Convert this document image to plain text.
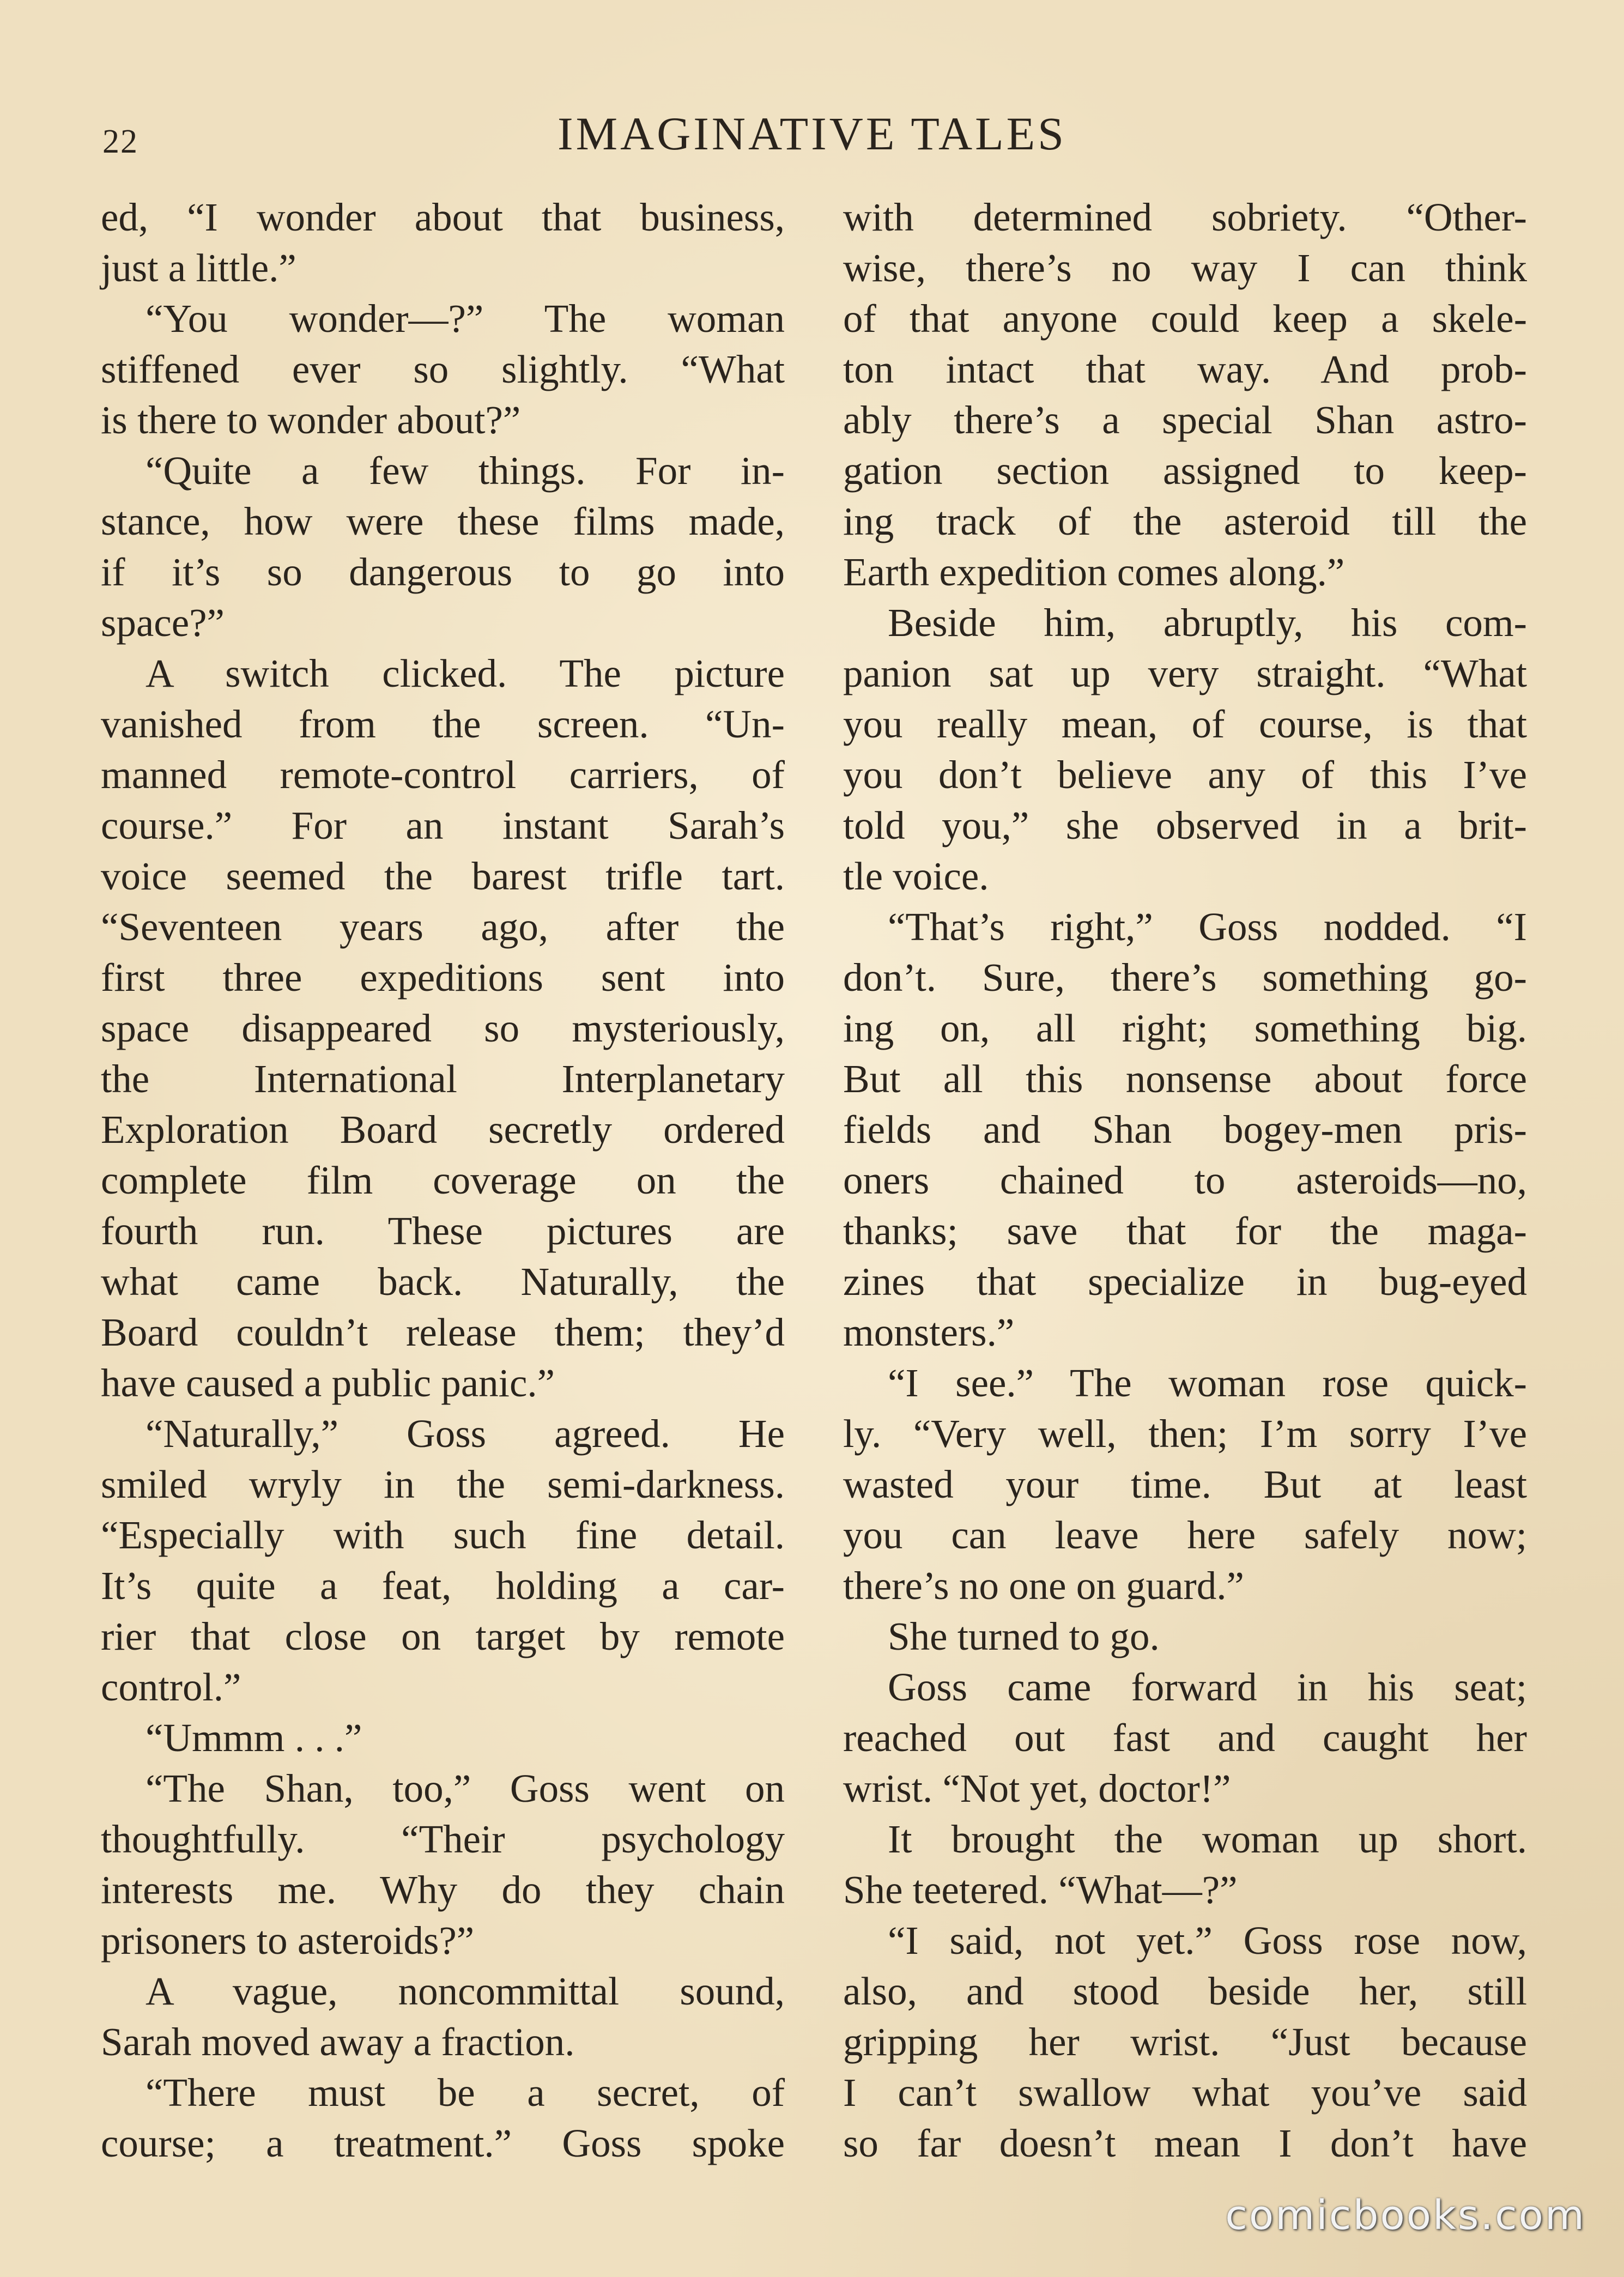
22	IMAGINATIVE TALES
ed, “I wonder about that business,
just a little.”
“You wonder—?” The woman
stiffened ever so slightly. “What
is there to wonder about?”
“Quite a few things. For in-
stance, how were these films made,
if it’s so dangerous to go into
space?”
A switch clicked. The picture
vanished from the screen. “Un-
manned remote-control carriers, of
course.” For an instant Sarah’s
voice seemed the barest trifle tart.
“Seventeen years ago, after the
first three expeditions sent into
space disappeared so mysteriously,
the International Interplanetary
Exploration Board secretly ordered
complete film coverage on the
fourth run. These pictures are
what came back. Naturally, the
Board couldn’t release them; they’d
have caused a public panic.”
“Naturally,” Goss agreed. He
smiled wryly in the semi-darkness.
“Especially with such fine detail.
It’s quite a feat, holding a car-
rier that close on target by remote
control.”
“Ummm . . .”
“The Shan, too,” Goss went on
thoughtfully. “Their psychology
interests me. Why do they chain
prisoners to asteroids?”
A vague, noncommittal sound,
Sarah moved away a fraction.
“There must be a secret, of
course; a treatment.” Goss spoke
with determined sobriety. “Other-
wise, there’s no way I can think
of that anyone could keep a skele-
ton intact that way. And prob-
ably there’s a special Shan astro-
gation section assigned to keep-
ing track of the asteroid till the
Earth expedition comes along.”
Beside him, abruptly, his com-
panion sat up very straight. “What
you really mean, of course, is that
you don’t believe any of this I’ve
told you,” she observed in a brit-
tle voice.
“That’s right,” Goss nodded. “I
don’t. Sure, there’s something go-
ing on, all right; something big.
But all this nonsense about force
fields and Shan bogey-men pris-
oners chained to asteroids—no,
thanks; save that for the maga-
zines that specialize in bug-eyed
monsters.”
“I see.” The woman rose quick-
ly. “Very well, then; I’m sorry I’ve
wasted your time. But at least
you can leave here safely now;
there’s no one on guard.”
She turned to go.
Goss came forward in his seat;
reached out fast and caught her
wrist. “Not yet, doctor!”
It brought the woman up short.
She teetered. “What—?”
“I said, not yet.” Goss rose now,
also, and stood beside her, still
gripping her wrist. “Just because
I can’t swallow what you’ve said
so far doesn’t mean I don’t have
comicbooks.com
